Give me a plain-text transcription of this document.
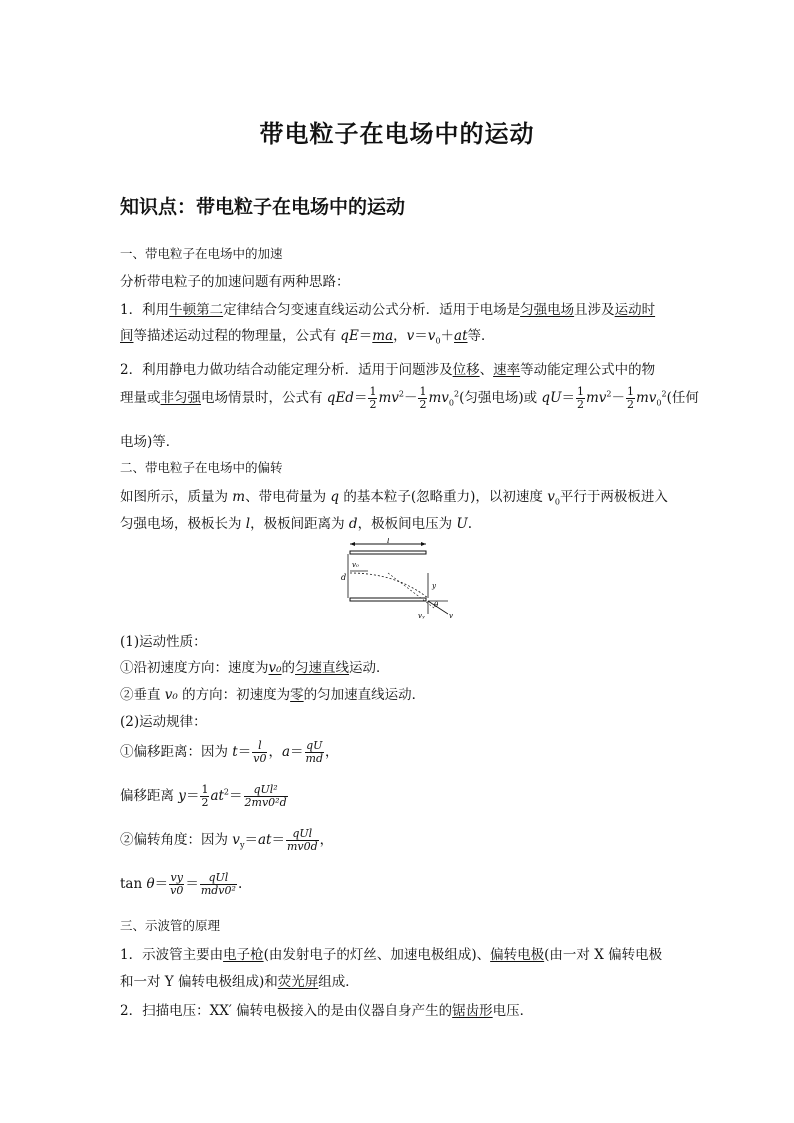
带电粒子在电场中的运动
知识点：带电粒子在电场中的运动
一、带电粒子在电场中的加速
分析带电粒子的加速问题有两种思路：
1．利用牛顿第二定律结合匀变速直线运动公式分析．适用于电场是匀强电场且涉及运动时
间等描述运动过程的物理量，公式有 qE＝ma，$v=v_0+at$等．
2．利用静电力做功结合动能定理分析．适用于问题涉及位移、速率等动能定理公式中的物
理量或非匀强电场情景时，公式有 $qEd= \frac{1}{2} mv^2- \frac{1}{2} mv_0^2$(匀强电场)或 $qU= \frac{1}{2} mv^2- \frac{1}{2} mv_0^2$(任何
电场)等．
二、带电粒子在电场中的偏转
如图所示，质量为 m、带电荷量为 q 的基本粒子(忽略重力)，以初速度 $v_0$平行于两极板进入
匀强电场，极板长为 l，极板间距离为 d，极板间电压为 U.
l
d
v₀
y
θ
vᵧ	v
(1)运动性质：
①沿初速度方向：速度为v₀的匀速直线运动．
②垂直 v₀ 的方向：初速度为零的匀加速直线运动．
(2)运动规律：
①偏移距离：因为 $t= \frac{l}{v0}$ ，$a= \frac{qU}{md}$ ，
偏移距离 $y= \frac{1}{2} at^2= \frac{\text{qUl²}}{\text{2mv0²d}}$
②偏转角度：因为 $v_y=at= \frac{\text{qUl}}{mv0d}$ ，
$\tan \theta= \frac{vy}{v0} = \frac{\text{qUl}}{\text{mdv0²}}$ .
三、示波管的原理
1．示波管主要由电子枪(由发射电子的灯丝、加速电极组成)、偏转电极(由一对 X 偏转电极
和一对 Y 偏转电极组成)和荧光屏组成．
2．扫描电压：XX′ 偏转电极接入的是由仪器自身产生的锯齿形电压．
